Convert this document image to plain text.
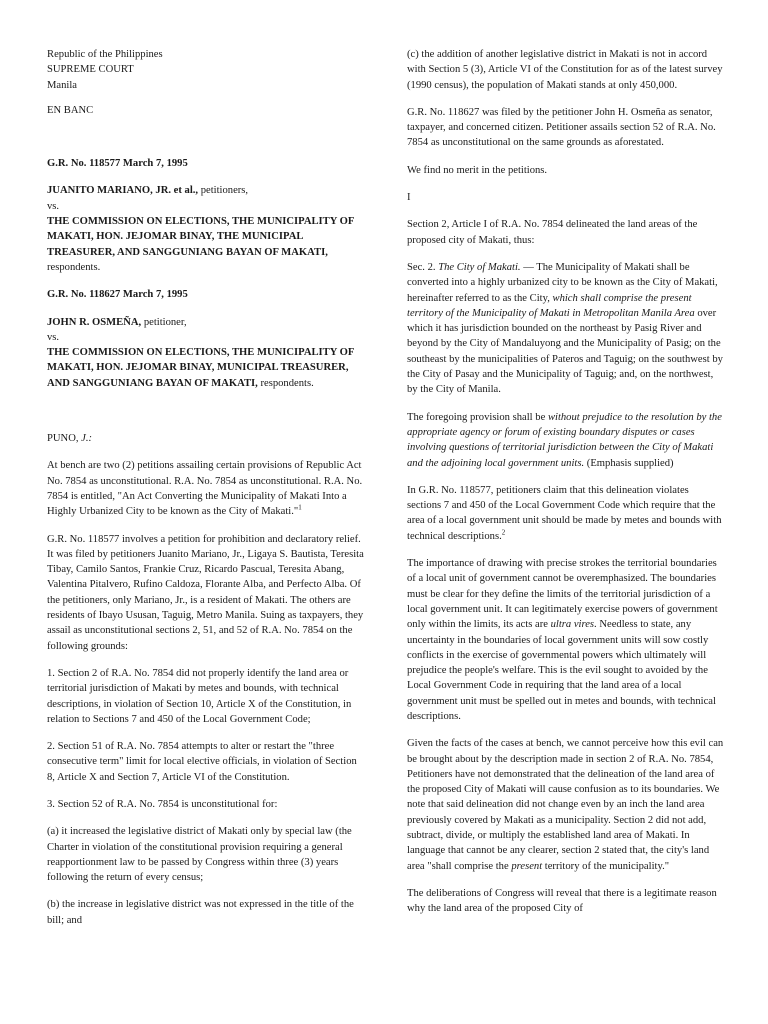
Republic of the Philippines

SUPREME COURT

Manila

EN BANC

G.R. No. 118577 March 7, 1995

JUANITO MARIANO, JR. et al., petitioners,

vs.

THE COMMISSION ON ELECTIONS, THE MUNICIPALITY OF MAKATI, HON. JEJOMAR BINAY, THE MUNICIPAL TREASURER, AND SANGGUNIANG BAYAN OF MAKATI, respondents.

G.R. No. 118627 March 7, 1995

JOHN R. OSMEÑA, petitioner,

vs.

THE COMMISSION ON ELECTIONS, THE MUNICIPALITY OF MAKATI, HON. JEJOMAR BINAY, MUNICIPAL TREASURER, AND SANGGUNIANG BAYAN OF MAKATI, respondents.

PUNO, J.:

At bench are two (2) petitions assailing certain provisions of Republic Act No. 7854 as unconstitutional. R.A. No. 7854 as unconstitutional. R.A. No. 7854 is entitled, "An Act Converting the Municipality of Makati Into a Highly Urbanized City to be known as the City of Makati."$^1$

G.R. No. 118577 involves a petition for prohibition and declaratory relief. It was filed by petitioners Juanito Mariano, Jr., Ligaya S. Bautista, Teresita Tibay, Camilo Santos, Frankie Cruz, Ricardo Pascual, Teresita Abang, Valentina Pitalvero, Rufino Caldoza, Florante Alba, and Perfecto Alba. Of the petitioners, only Mariano, Jr., is a resident of Makati. The others are residents of Ibayo Ususan, Taguig, Metro Manila. Suing as taxpayers, they assail as unconstitutional sections 2, 51, and 52 of R.A. No. 7854 on the following grounds:

1. Section 2 of R.A. No. 7854 did not properly identify the land area or territorial jurisdiction of Makati by metes and bounds, with technical descriptions, in violation of Section 10, Article X of the Constitution, in relation to Sections 7 and 450 of the Local Government Code;

2. Section 51 of R.A. No. 7854 attempts to alter or restart the "three consecutive term" limit for local elective officials, in violation of Section 8, Article X and Section 7, Article VI of the Constitution.

3. Section 52 of R.A. No. 7854 is unconstitutional for:

(a) it increased the legislative district of Makati only by special law (the Charter in violation of the constitutional provision requiring a general reapportionment law to be passed by Congress within three (3) years following the return of every census;

(b) the increase in legislative district was not expressed in the title of the bill; and

(c) the addition of another legislative district in Makati is not in accord with Section 5 (3), Article VI of the Constitution for as of the latest survey (1990 census), the population of Makati stands at only 450,000.

G.R. No. 118627 was filed by the petitioner John H. Osmeña as senator, taxpayer, and concerned citizen. Petitioner assails section 52 of R.A. No. 7854 as unconstitutional on the same grounds as aforestated.

We find no merit in the petitions.

I

Section 2, Article I of R.A. No. 7854 delineated the land areas of the proposed city of Makati, thus:

Sec. 2. The City of Makati. — The Municipality of Makati shall be converted into a highly urbanized city to be known as the City of Makati, hereinafter referred to as the City, which shall comprise the present territory of the Municipality of Makati in Metropolitan Manila Area over which it has jurisdiction bounded on the northeast by Pasig River and beyond by the City of Mandaluyong and the Municipality of Pasig; on the southeast by the municipalities of Pateros and Taguig; on the southwest by the City of Pasay and the Municipality of Taguig; and, on the northwest, by the City of Manila.

The foregoing provision shall be without prejudice to the resolution by the appropriate agency or forum of existing boundary disputes or cases involving questions of territorial jurisdiction between the City of Makati and the adjoining local government units. (Emphasis supplied)

In G.R. No. 118577, petitioners claim that this delineation violates sections 7 and 450 of the Local Government Code which require that the area of a local government unit should be made by metes and bounds with technical descriptions.$^2$

The importance of drawing with precise strokes the territorial boundaries of a local unit of government cannot be overemphasized. The boundaries must be clear for they define the limits of the territorial jurisdiction of a local government unit. It can legitimately exercise powers of government only within the limits, its acts are ultra vires. Needless to state, any uncertainty in the boundaries of local government units will sow costly conflicts in the exercise of governmental powers which ultimately will prejudice the people's welfare. This is the evil sought to avoided by the Local Government Code in requiring that the land area of a local government unit must be spelled out in metes and bounds, with technical descriptions.

Given the facts of the cases at bench, we cannot perceive how this evil can be brought about by the description made in section 2 of R.A. No. 7854, Petitioners have not demonstrated that the delineation of the land area of the proposed City of Makati will cause confusion as to its boundaries. We note that said delineation did not change even by an inch the land area previously covered by Makati as a municipality. Section 2 did not add, subtract, divide, or multiply the established land area of Makati. In language that cannot be any clearer, section 2 stated that, the city's land area "shall comprise the present territory of the municipality."

The deliberations of Congress will reveal that there is a legitimate reason why the land area of the proposed City of
